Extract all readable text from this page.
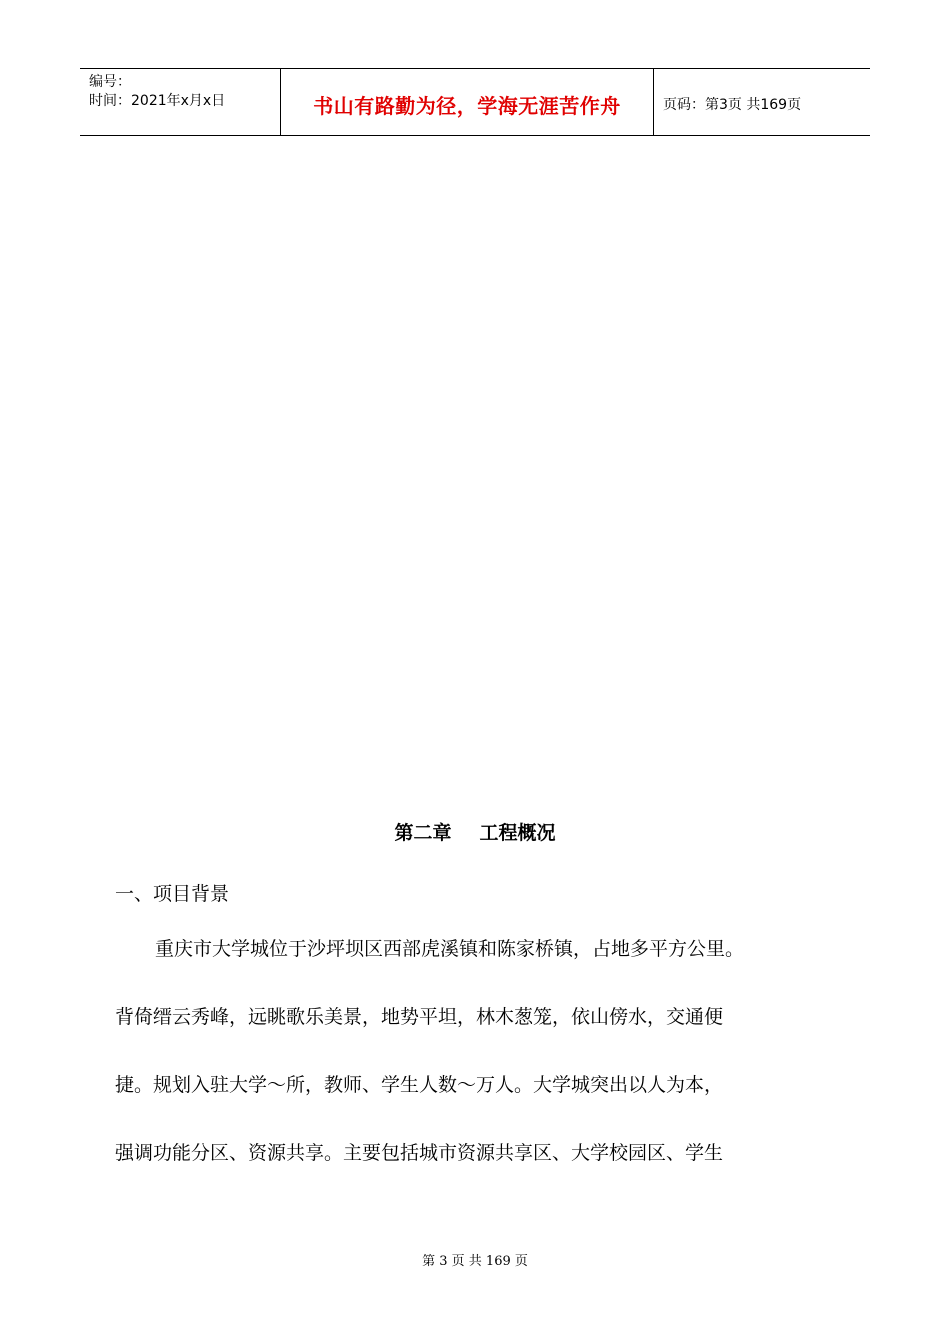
编号：
时间：2021年x月x日	书山有路勤为径，学海无涯苦作舟	页码：第3页 共169页
第二章 工程概况
一、项目背景
重庆市大学城位于沙坪坝区西部虎溪镇和陈家桥镇，占地多平方公里。
背倚缙云秀峰，远眺歌乐美景，地势平坦，林木葱笼，依山傍水，交通便
捷。规划入驻大学～所，教师、学生人数～万人。大学城突出以人为本，
强调功能分区、资源共享。主要包括城市资源共享区、大学校园区、学生
第 3 页 共 169 页
